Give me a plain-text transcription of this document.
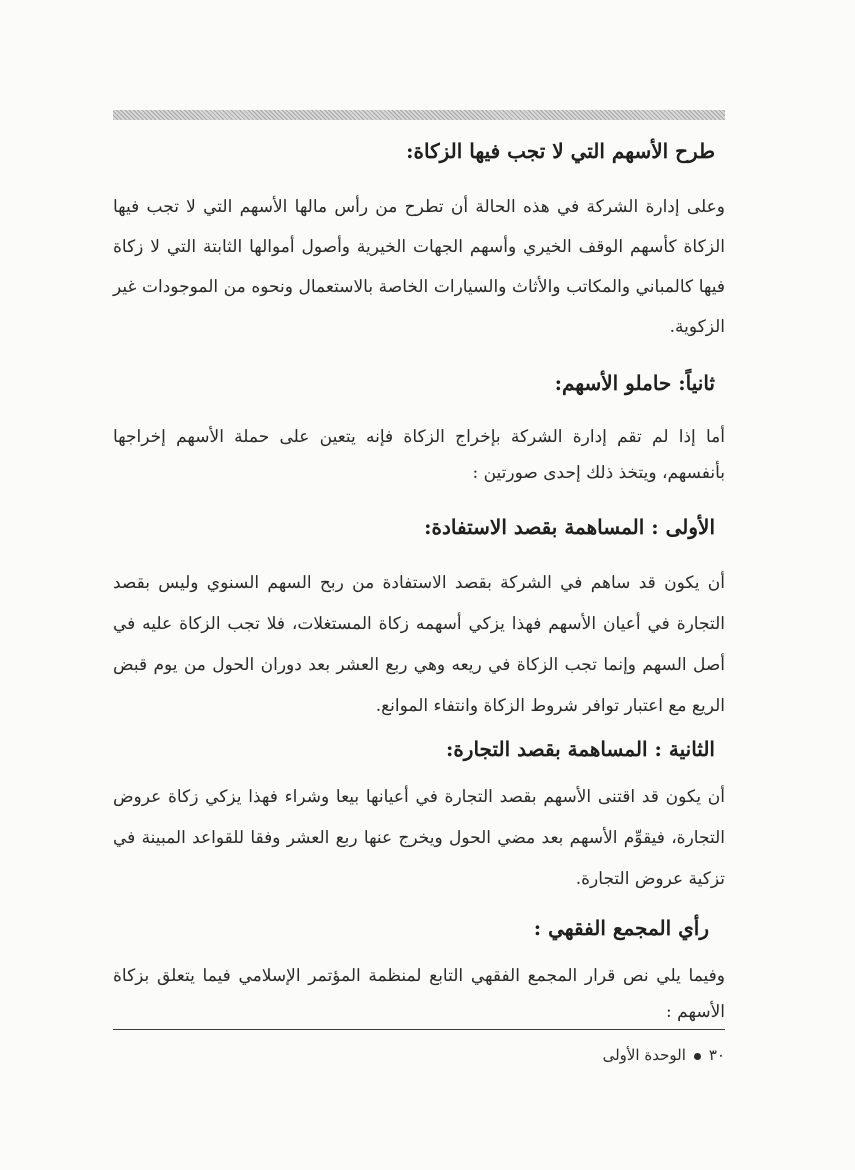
طرح الأسهم التي لا تجب فيها الزكاة:

وعلى إدارة الشركة في هذه الحالة أن تطرح من رأس مالها الأسهم التي لا تجب فيها الزكاة كأسهم الوقف الخيري وأسهم الجهات الخيرية وأصول أموالها الثابتة التي لا زكاة فيها كالمباني والمكاتب والأثاث والسيارات الخاصة بالاستعمال ونحوه من الموجودات غير الزكوية.

ثانياً: حاملو الأسهم:

أما إذا لم تقم إدارة الشركة بإخراج الزكاة فإنه يتعين على حملة الأسهم إخراجها بأنفسهم، ويتخذ ذلك إحدى صورتين :

الأولى : المساهمة بقصد الاستفادة:

أن يكون قد ساهم في الشركة بقصد الاستفادة من ربح السهم السنوي وليس بقصد التجارة في أعيان الأسهم فهذا يزكي أسهمه زكاة المستغلات، فلا تجب الزكاة عليه في أصل السهم وإنما تجب الزكاة في ريعه وهي ربع العشر بعد دوران الحول من يوم قبض الريع مع اعتبار توافر شروط الزكاة وانتفاء الموانع.

الثانية : المساهمة بقصد التجارة:

أن يكون قد اقتنى الأسهم بقصد التجارة في أعيانها بيعا وشراء فهذا يزكي زكاة عروض التجارة، فيقوِّم الأسهم بعد مضي الحول ويخرج عنها ربع العشر وفقا للقواعد المبينة في تزكية عروض التجارة.

رأي المجمع الفقهي :

وفيما يلي نص قرار المجمع الفقهي التابع لمنظمة المؤتمر الإسلامي فيما يتعلق بزكاة الأسهم :

٣٠الوحدة الأولى
